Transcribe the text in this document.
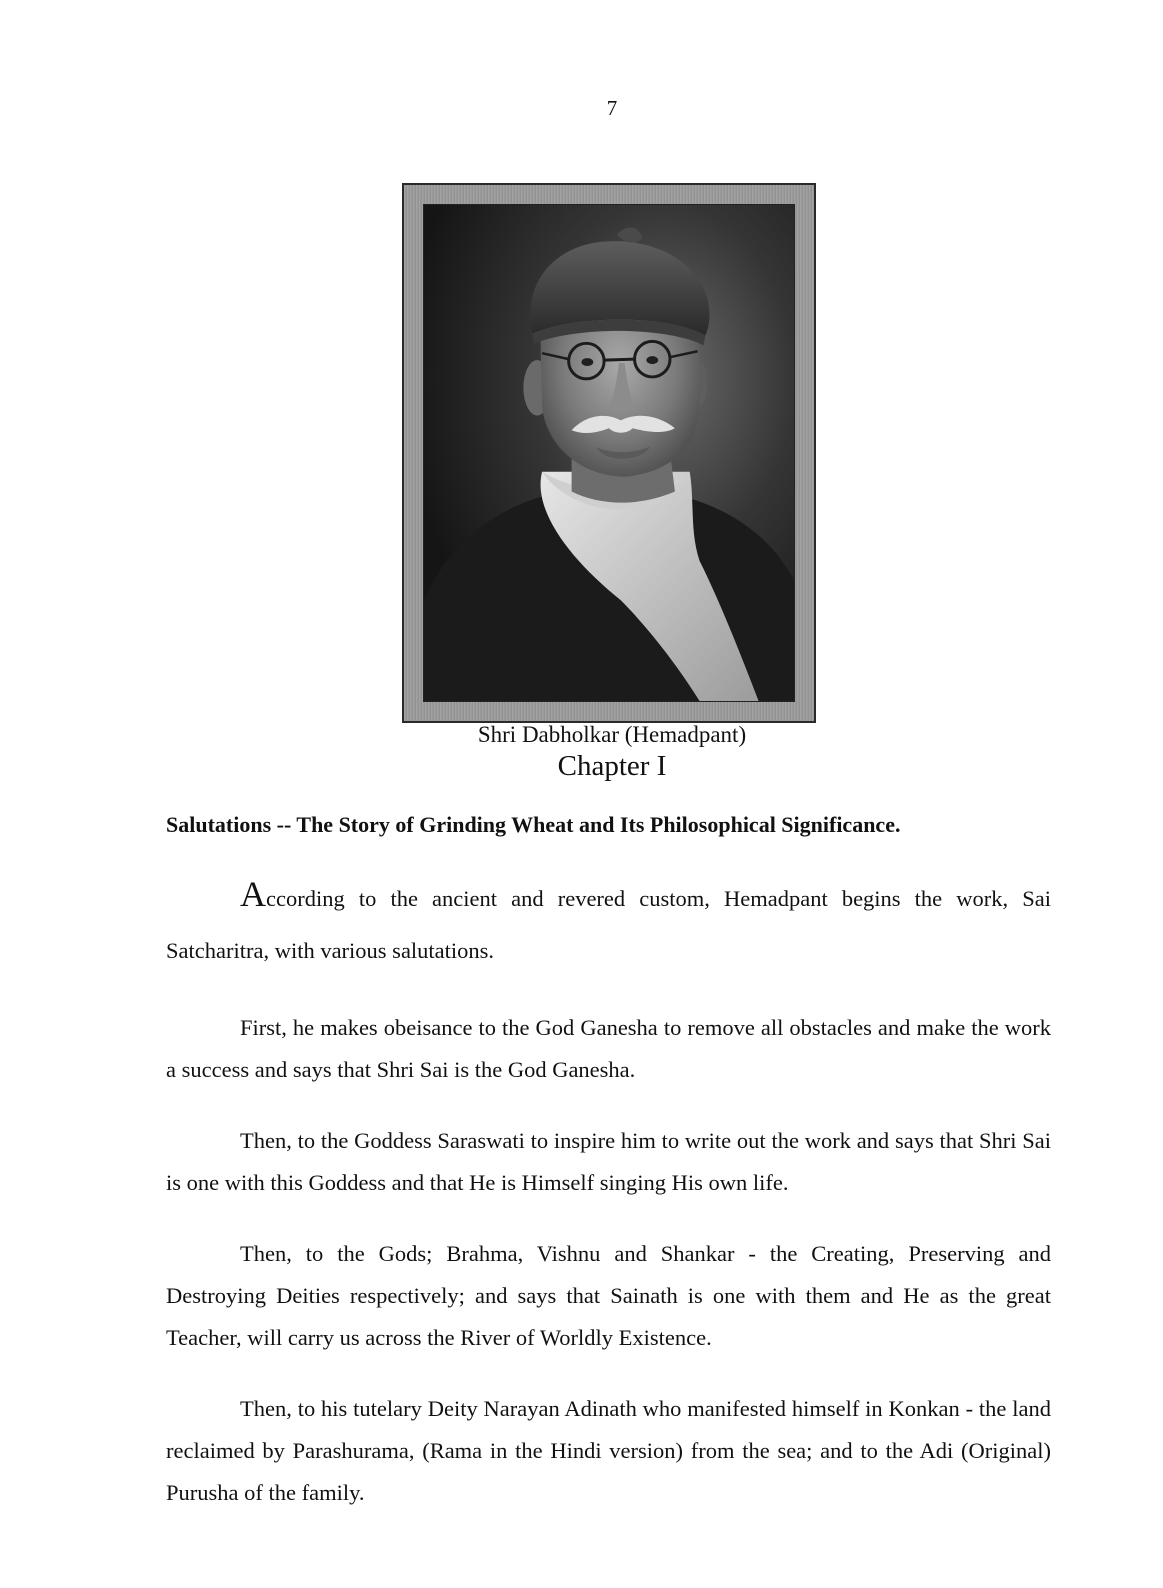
7
Shri Dabholkar (Hemadpant)
Chapter I
Salutations -- The Story of Grinding Wheat and Its Philosophical Significance.

According to the ancient and revered custom, Hemadpant begins the work, Sai Satcharitra, with various salutations.

First, he makes obeisance to the God Ganesha to remove all obstacles and make the work a success and says that Shri Sai is the God Ganesha.

Then, to the Goddess Saraswati to inspire him to write out the work and says that Shri Sai is one with this Goddess and that He is Himself singing His own life.

Then, to the Gods; Brahma, Vishnu and Shankar - the Creating, Preserving and Destroying Deities respectively; and says that Sainath is one with them and He as the great Teacher, will carry us across the River of Worldly Existence.

Then, to his tutelary Deity Narayan Adinath who manifested himself in Konkan - the land reclaimed by Parashurama, (Rama in the Hindi version) from the sea; and to the Adi (Original) Purusha of the family.
